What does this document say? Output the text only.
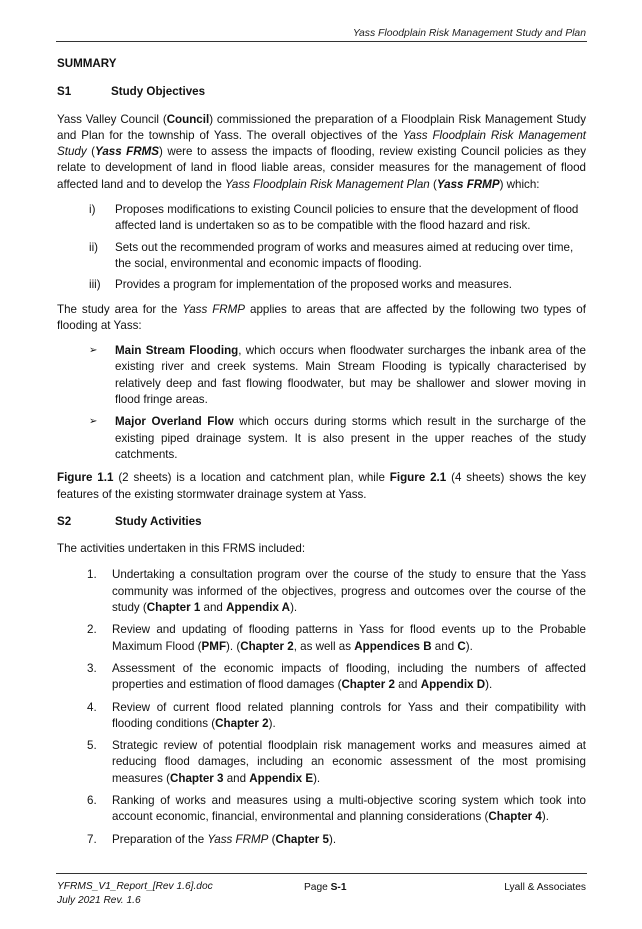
Yass Floodplain Risk Management Study and Plan
SUMMARY
S1	Study Objectives

Yass Valley Council (Council) commissioned the preparation of a Floodplain Risk Management Study and Plan for the township of Yass. The overall objectives of the Yass Floodplain Risk Management Study (Yass FRMS) were to assess the impacts of flooding, review existing Council policies as they relate to development of land in flood liable areas, consider measures for the management of flood affected land and to develop the Yass Floodplain Risk Management Plan (Yass FRMP) which:

i)	Proposes modifications to existing Council policies to ensure that the development of flood affected land is undertaken so as to be compatible with the flood hazard and risk.
ii)	Sets out the recommended program of works and measures aimed at reducing over time, the social, environmental and economic impacts of flooding.
iii)	Provides a program for implementation of the proposed works and measures.

The study area for the Yass FRMP applies to areas that are affected by the following two types of flooding at Yass:

➢	Main Stream Flooding, which occurs when floodwater surcharges the inbank area of the existing river and creek systems. Main Stream Flooding is typically characterised by relatively deep and fast flowing floodwater, but may be shallower and slower moving in flood fringe areas.
➢	Major Overland Flow which occurs during storms which result in the surcharge of the existing piped drainage system. It is also present in the upper reaches of the study catchments.

Figure 1.1 (2 sheets) is a location and catchment plan, while Figure 2.1 (4 sheets) shows the key features of the existing stormwater drainage system at Yass.

S2	Study Activities

The activities undertaken in this FRMS included:

1.	Undertaking a consultation program over the course of the study to ensure that the Yass community was informed of the objectives, progress and outcomes over the course of the study (Chapter 1 and Appendix A).
2.	Review and updating of flooding patterns in Yass for flood events up to the Probable Maximum Flood (PMF). (Chapter 2, as well as Appendices B and C).
3.	Assessment of the economic impacts of flooding, including the numbers of affected properties and estimation of flood damages (Chapter 2 and Appendix D).
4.	Review of current flood related planning controls for Yass and their compatibility with flooding conditions (Chapter 2).
5.	Strategic review of potential floodplain risk management works and measures aimed at reducing flood damages, including an economic assessment of the most promising measures (Chapter 3 and Appendix E).
6.	Ranking of works and measures using a multi-objective scoring system which took into account economic, financial, environmental and planning considerations (Chapter 4).
7.	Preparation of the Yass FRMP (Chapter 5).
YFRMS_V1_Report_[Rev 1.6].doc
July 2021 Rev. 1.6
Page S-1	Lyall & Associates
